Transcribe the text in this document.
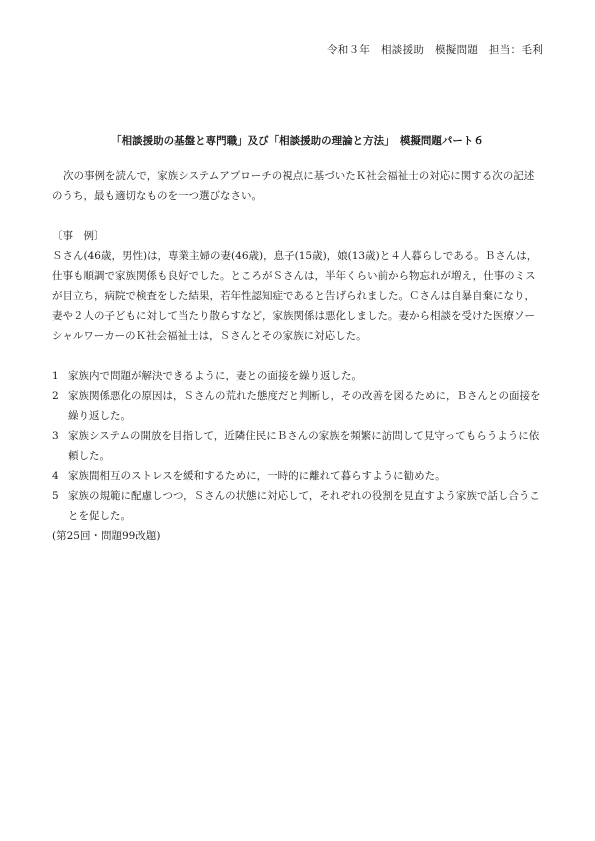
令和３年　相談援助　模擬問題　担当：毛利
「相談援助の基盤と専門職」及び「相談援助の理論と方法」　模擬問題パート６

次の事例を読んで，家族システムアプローチの視点に基づいたＫ社会福祉士の対応に関する次の記述のうち，最も適切なものを一つ選びなさい。

〔事　例〕

Ｓさん(46歳，男性)は，専業主婦の妻(46歳)，息子(15歳)，娘(13歳)と４人暮らしである。Ｂさんは，仕事も順調で家族関係も良好でした。ところがＳさんは，半年くらい前から物忘れが増え，仕事のミスが目立ち，病院で検査をした結果，若年性認知症であると告げられました。Ｃさんは自暴自棄になり，妻や２人の子どもに対して当たり散らすなど，家族関係は悪化しました。妻から相談を受けた医療ソーシャルワーカーのＫ社会福祉士は，Ｓさんとその家族に対応した。

1 家族内で問題が解決できるように，妻との面接を繰り返した。
2 家族関係悪化の原因は，Ｓさんの荒れた態度だと判断し，その改善を図るために，Ｂさんとの面接を繰り返した。
3 家族システムの開放を目指して，近隣住民にＢさんの家族を頻繁に訪問して見守ってもらうように依頼した。
4 家族間相互のストレスを緩和するために，一時的に離れて暮らすように勧めた。
5 家族の規範に配慮しつつ，Ｓさんの状態に対応して，それぞれの役割を見直すよう家族で話し合うことを促した。

(第25回・問題99改題)
